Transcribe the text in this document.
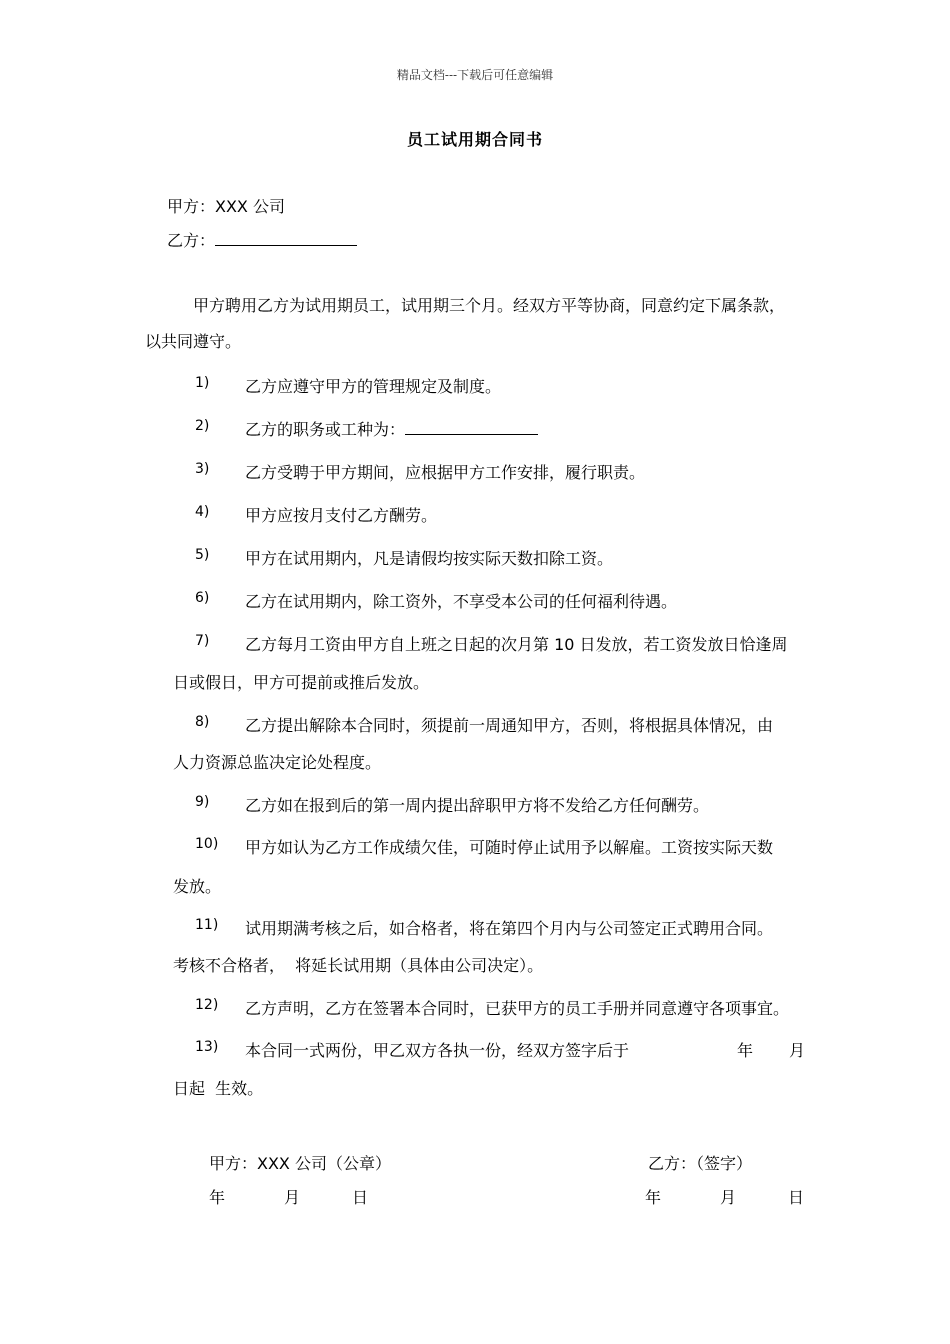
精品文档---下载后可任意编辑
员工试用期合同书
甲方：XXX 公司
乙方：
甲方聘用乙方为试用期员工，试用期三个月。经双方平等协商，同意约定下属条款，
以共同遵守。
1) 乙方应遵守甲方的管理规定及制度。
2) 乙方的职务或工种为：
3) 乙方受聘于甲方期间，应根据甲方工作安排，履行职责。
4) 甲方应按月支付乙方酬劳。
5) 甲方在试用期内，凡是请假均按实际天数扣除工资。
6) 乙方在试用期内，除工资外，不享受本公司的任何福利待遇。
7) 乙方每月工资由甲方自上班之日起的次月第 10 日发放，若工资发放日恰逢周
日或假日，甲方可提前或推后发放。
8) 乙方提出解除本合同时，须提前一周通知甲方，否则，将根据具体情况，由
人力资源总监决定论处程度。
9) 乙方如在报到后的第一周内提出辞职甲方将不发给乙方任何酬劳。
10) 甲方如认为乙方工作成绩欠佳，可随时停止试用予以解雇。工资按实际天数
发放。
11) 试用期满考核之后，如合格者，将在第四个月内与公司签定正式聘用合同。
考核不合格者，  将延长试用期（具体由公司决定）。
12) 乙方声明，乙方在签署本合同时，已获甲方的员工手册并同意遵守各项事宜。
13) 本合同一式两份，甲乙双方各执一份，经双方签字后于	年 月
日起  生效。
甲方：XXX 公司（公章）	乙方：（签字）
年	月	日	年	月	日
